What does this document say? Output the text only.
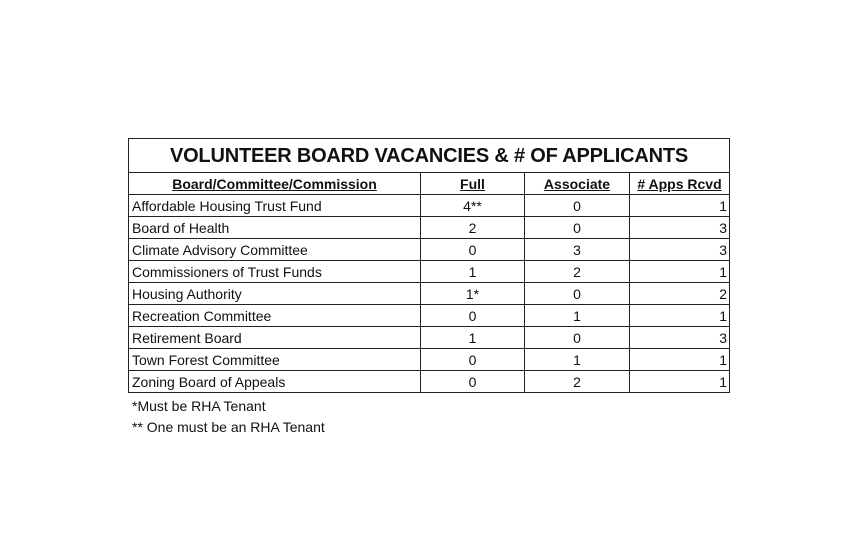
VOLUNTEER BOARD VACANCIES & # OF APPLICANTS			
Board/Committee/Commission	Full	Associate	# Apps Rcvd
Affordable Housing Trust Fund	4**	0	1
Board of Health	2	0	3
Climate Advisory Committee	0	3	3
Commissioners of Trust Funds	1	2	1
Housing Authority	1*	0	2
Recreation Committee	0	1	1
Retirement Board	1	0	3
Town Forest Committee	0	1	1
Zoning Board of Appeals	0	2	1
*Must be RHA Tenant
** One must be an RHA Tenant
